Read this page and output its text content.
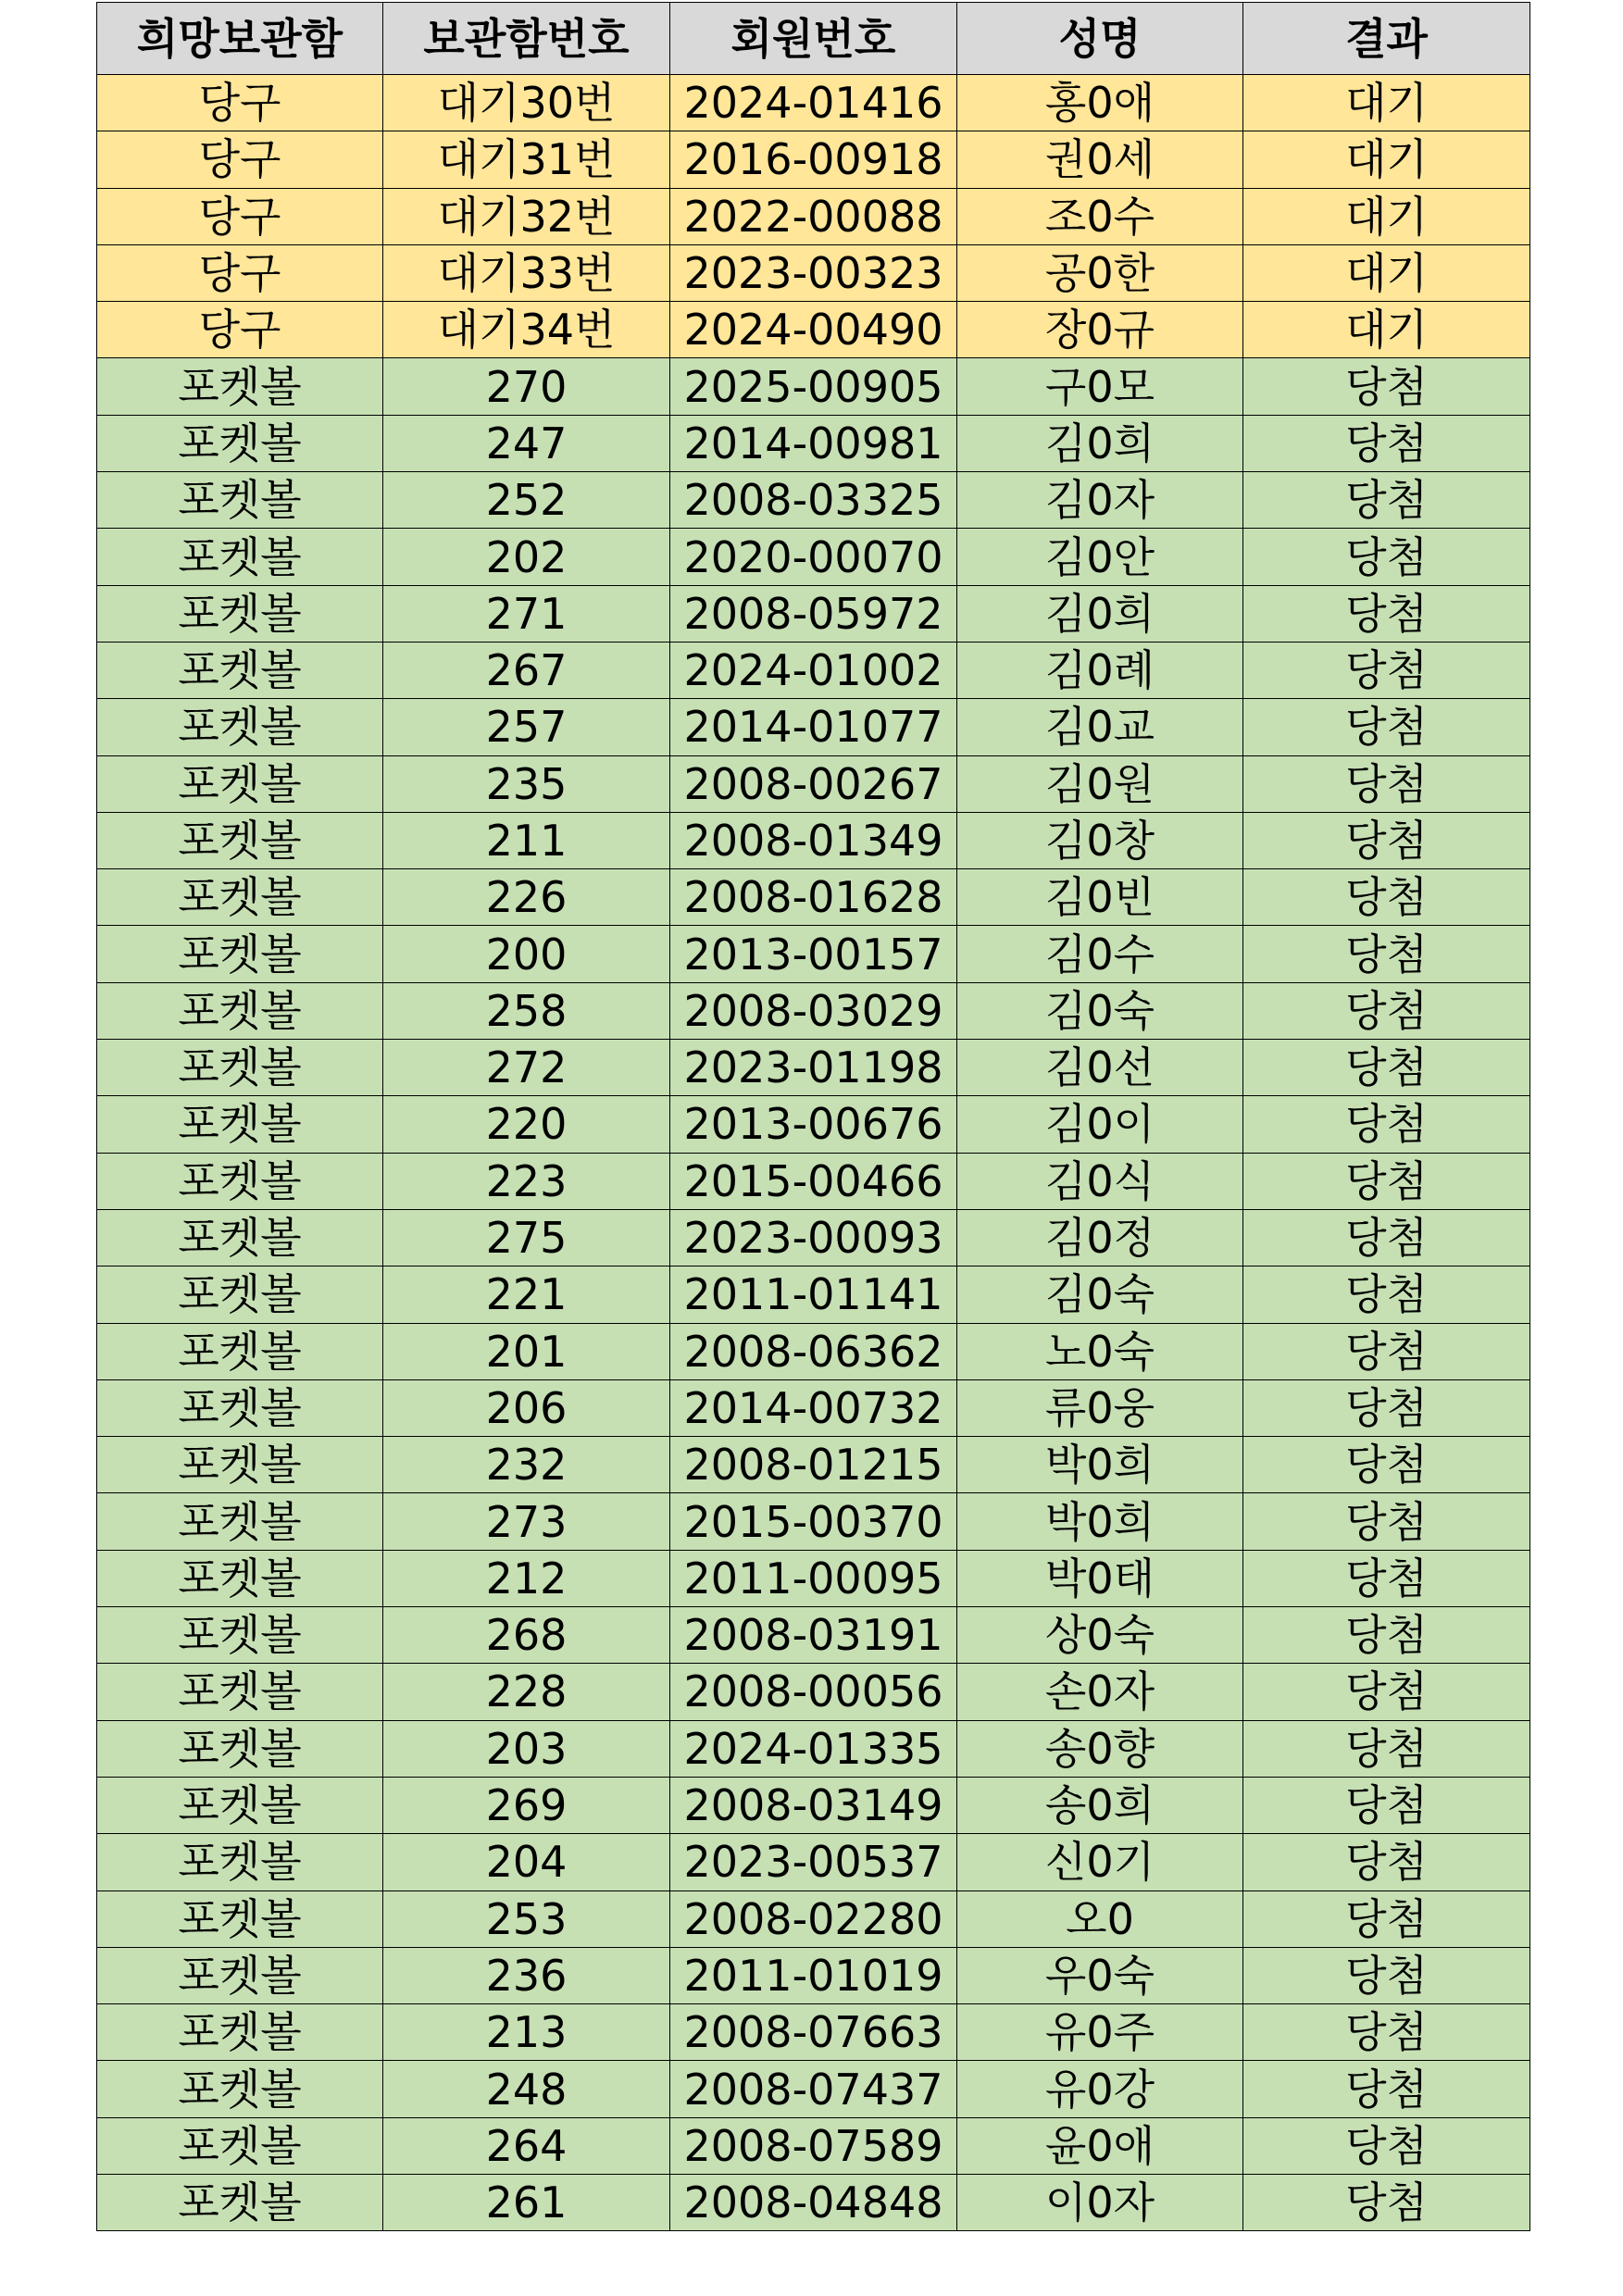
희망보관함	보관함번호	회원번호	성명	결과
당구	대기30번	2024-01416	홍0애	대기
당구	대기31번	2016-00918	권0세	대기
당구	대기32번	2022-00088	조0수	대기
당구	대기33번	2023-00323	공0한	대기
당구	대기34번	2024-00490	장0규	대기
포켓볼	270	2025-00905	구0모	당첨
포켓볼	247	2014-00981	김0희	당첨
포켓볼	252	2008-03325	김0자	당첨
포켓볼	202	2020-00070	김0안	당첨
포켓볼	271	2008-05972	김0희	당첨
포켓볼	267	2024-01002	김0례	당첨
포켓볼	257	2014-01077	김0교	당첨
포켓볼	235	2008-00267	김0원	당첨
포켓볼	211	2008-01349	김0창	당첨
포켓볼	226	2008-01628	김0빈	당첨
포켓볼	200	2013-00157	김0수	당첨
포켓볼	258	2008-03029	김0숙	당첨
포켓볼	272	2023-01198	김0선	당첨
포켓볼	220	2013-00676	김0이	당첨
포켓볼	223	2015-00466	김0식	당첨
포켓볼	275	2023-00093	김0정	당첨
포켓볼	221	2011-01141	김0숙	당첨
포켓볼	201	2008-06362	노0숙	당첨
포켓볼	206	2014-00732	류0웅	당첨
포켓볼	232	2008-01215	박0희	당첨
포켓볼	273	2015-00370	박0희	당첨
포켓볼	212	2011-00095	박0태	당첨
포켓볼	268	2008-03191	상0숙	당첨
포켓볼	228	2008-00056	손0자	당첨
포켓볼	203	2024-01335	송0향	당첨
포켓볼	269	2008-03149	송0희	당첨
포켓볼	204	2023-00537	신0기	당첨
포켓볼	253	2008-02280	오0	당첨
포켓볼	236	2011-01019	우0숙	당첨
포켓볼	213	2008-07663	유0주	당첨
포켓볼	248	2008-07437	유0강	당첨
포켓볼	264	2008-07589	윤0애	당첨
포켓볼	261	2008-04848	이0자	당첨
